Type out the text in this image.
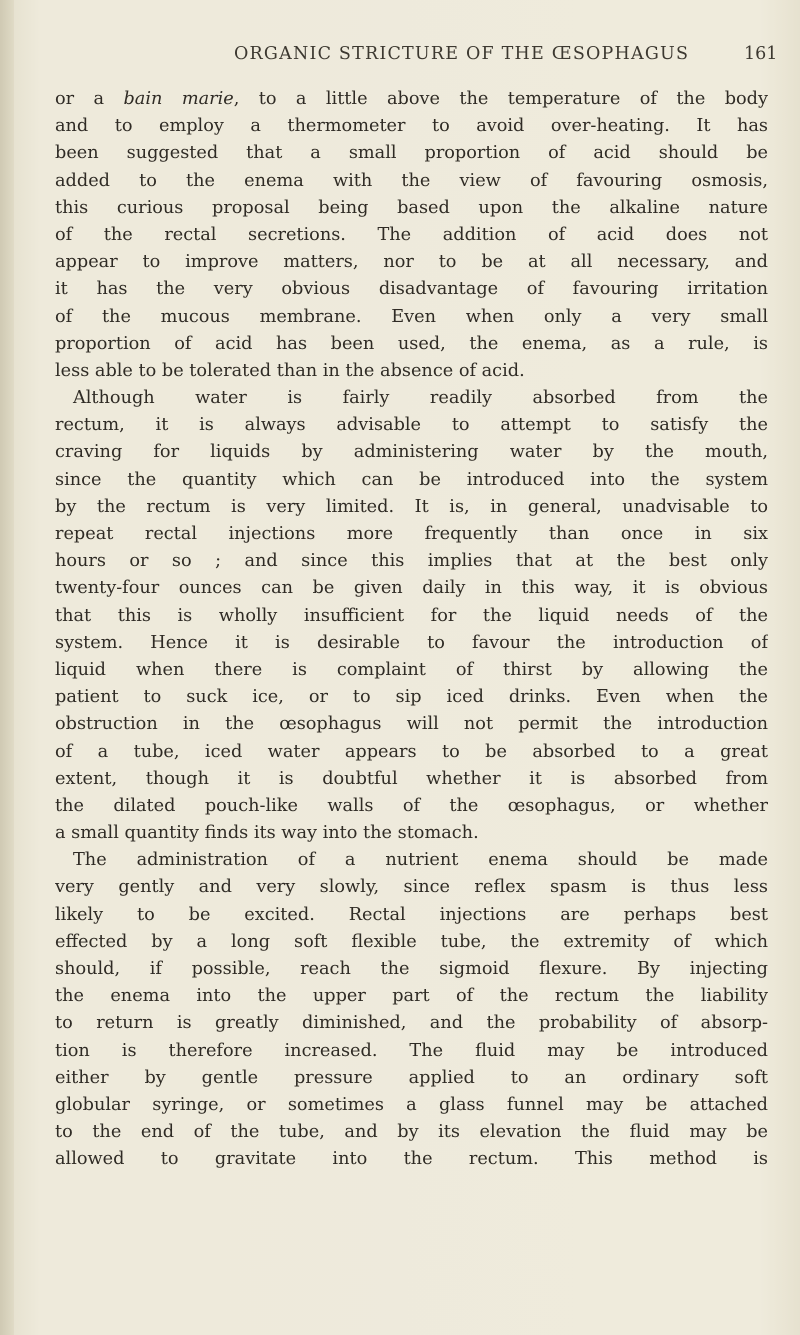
ORGANIC STRICTURE OF THE ŒSOPHAGUS	161
or a bain marie, to a little above the temperature of the body
and to employ a thermometer to avoid over-heating. It has
been suggested that a small proportion of acid should be
added to the enema with the view of favouring osmosis,
this curious proposal being based upon the alkaline nature
of the rectal secretions. The addition of acid does not
appear to improve matters, nor to be at all necessary, and
it has the very obvious disadvantage of favouring irritation
of the mucous membrane. Even when only a very small
proportion of acid has been used, the enema, as a rule, is
less able to be tolerated than in the absence of acid.
Although water is fairly readily absorbed from the
rectum, it is always advisable to attempt to satisfy the
craving for liquids by administering water by the mouth,
since the quantity which can be introduced into the system
by the rectum is very limited. It is, in general, unadvisable to
repeat rectal injections more frequently than once in six
hours or so ; and since this implies that at the best only
twenty-four ounces can be given daily in this way, it is obvious
that this is wholly insufficient for the liquid needs of the
system. Hence it is desirable to favour the introduction of
liquid when there is complaint of thirst by allowing the
patient to suck ice, or to sip iced drinks. Even when the
obstruction in the œsophagus will not permit the introduction
of a tube, iced water appears to be absorbed to a great
extent, though it is doubtful whether it is absorbed from
the dilated pouch-like walls of the œsophagus, or whether
a small quantity finds its way into the stomach.
The administration of a nutrient enema should be made
very gently and very slowly, since reflex spasm is thus less
likely to be excited. Rectal injections are perhaps best
effected by a long soft flexible tube, the extremity of which
should, if possible, reach the sigmoid flexure. By injecting
the enema into the upper part of the rectum the liability
to return is greatly diminished, and the probability of absorp-
tion is therefore increased. The fluid may be introduced
either by gentle pressure applied to an ordinary soft
globular syringe, or sometimes a glass funnel may be attached
to the end of the tube, and by its elevation the fluid may be
allowed to gravitate into the rectum. This method is
